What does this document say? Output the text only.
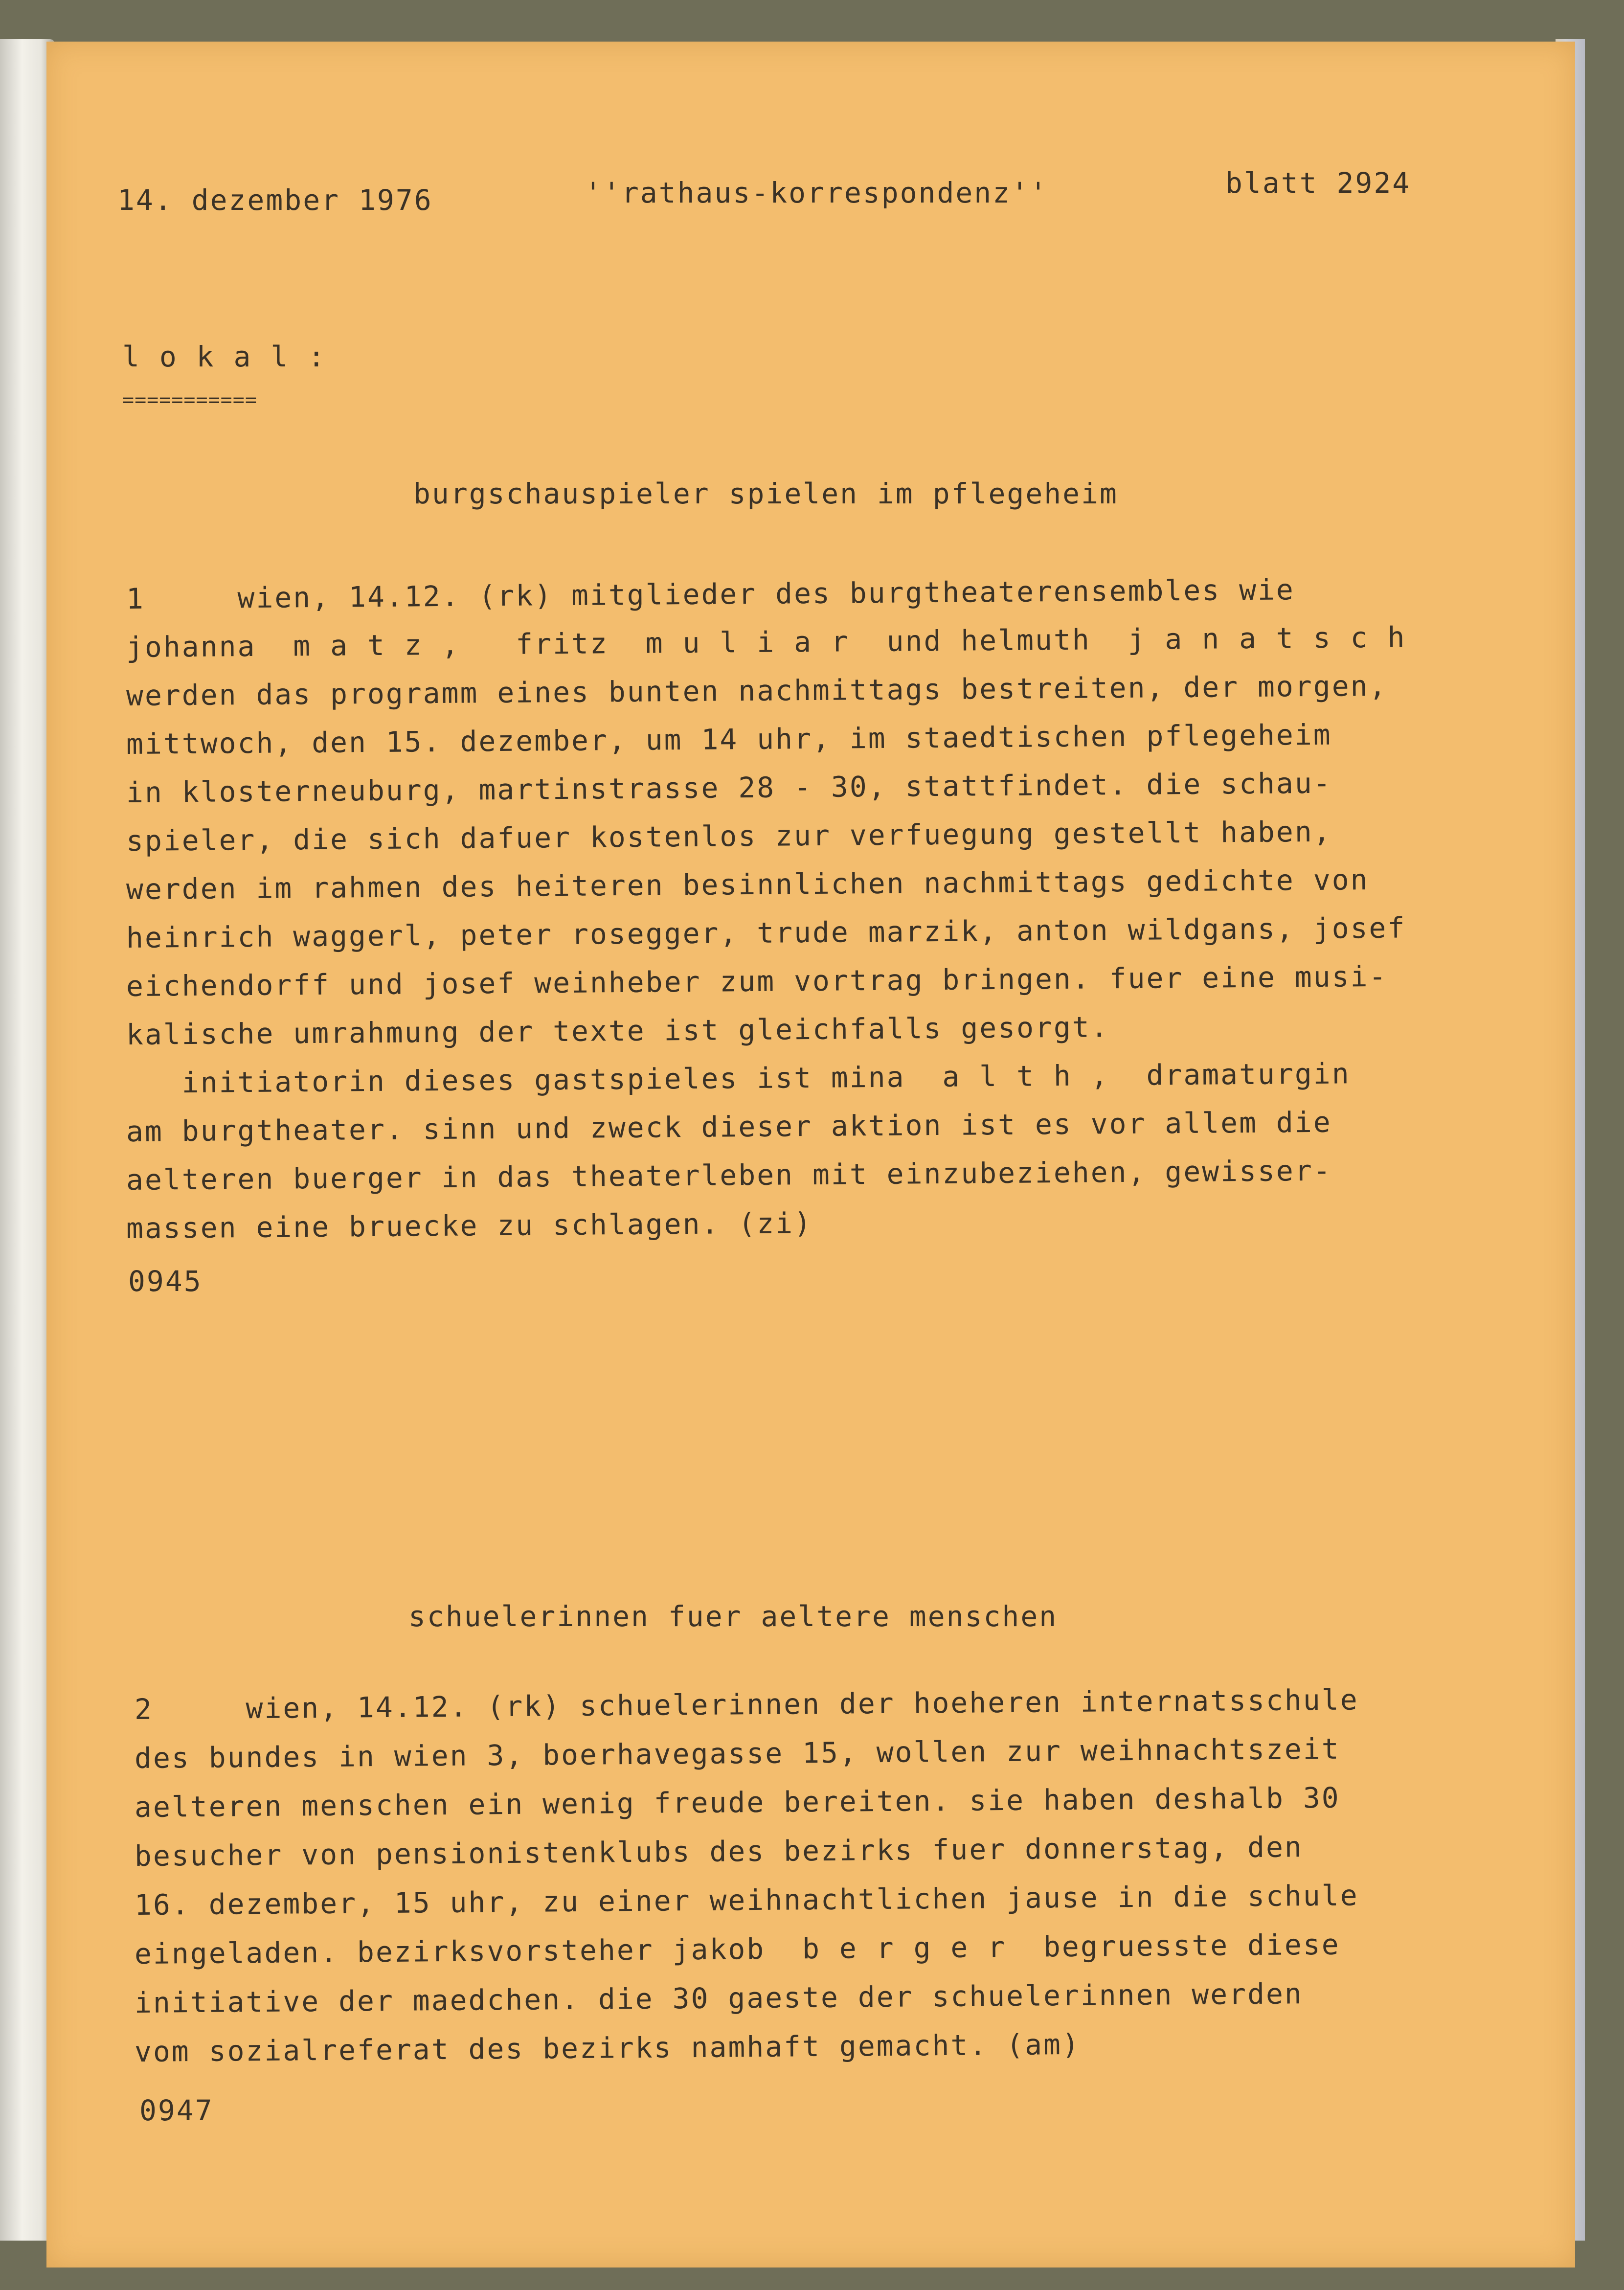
14. dezember 1976	''rathaus-korrespondenz''	blatt 2924
l o k a l :
===========
burgschauspieler spielen im pflegeheim
1     wien, 14.12. (rk) mitglieder des burgtheaterensembles wie
johanna  m a t z ,   fritz  m u l i a r  und helmuth  j a n a t s c h
werden das programm eines bunten nachmittags bestreiten, der morgen,
mittwoch, den 15. dezember, um 14 uhr, im staedtischen pflegeheim
in klosterneuburg, martinstrasse 28 - 30, stattfindet. die schau-
spieler, die sich dafuer kostenlos zur verfuegung gestellt haben,
werden im rahmen des heiteren besinnlichen nachmittags gedichte von
heinrich waggerl, peter rosegger, trude marzik, anton wildgans, josef
eichendorff und josef weinheber zum vortrag bringen. fuer eine musi-
kalische umrahmung der texte ist gleichfalls gesorgt.
initiatorin dieses gastspieles ist mina  a l t h ,  dramaturgin
am burgtheater. sinn und zweck dieser aktion ist es vor allem die
aelteren buerger in das theaterleben mit einzubeziehen, gewisser-
massen eine bruecke zu schlagen. (zi)
0945
schuelerinnen fuer aeltere menschen
2     wien, 14.12. (rk) schuelerinnen der hoeheren internatsschule
des bundes in wien 3, boerhavegasse 15, wollen zur weihnachtszeit
aelteren menschen ein wenig freude bereiten. sie haben deshalb 30
besucher von pensionistenklubs des bezirks fuer donnerstag, den
16. dezember, 15 uhr, zu einer weihnachtlichen jause in die schule
eingeladen. bezirksvorsteher jakob  b e r g e r  begruesste diese
initiative der maedchen. die 30 gaeste der schuelerinnen werden
vom sozialreferat des bezirks namhaft gemacht. (am)
0947
